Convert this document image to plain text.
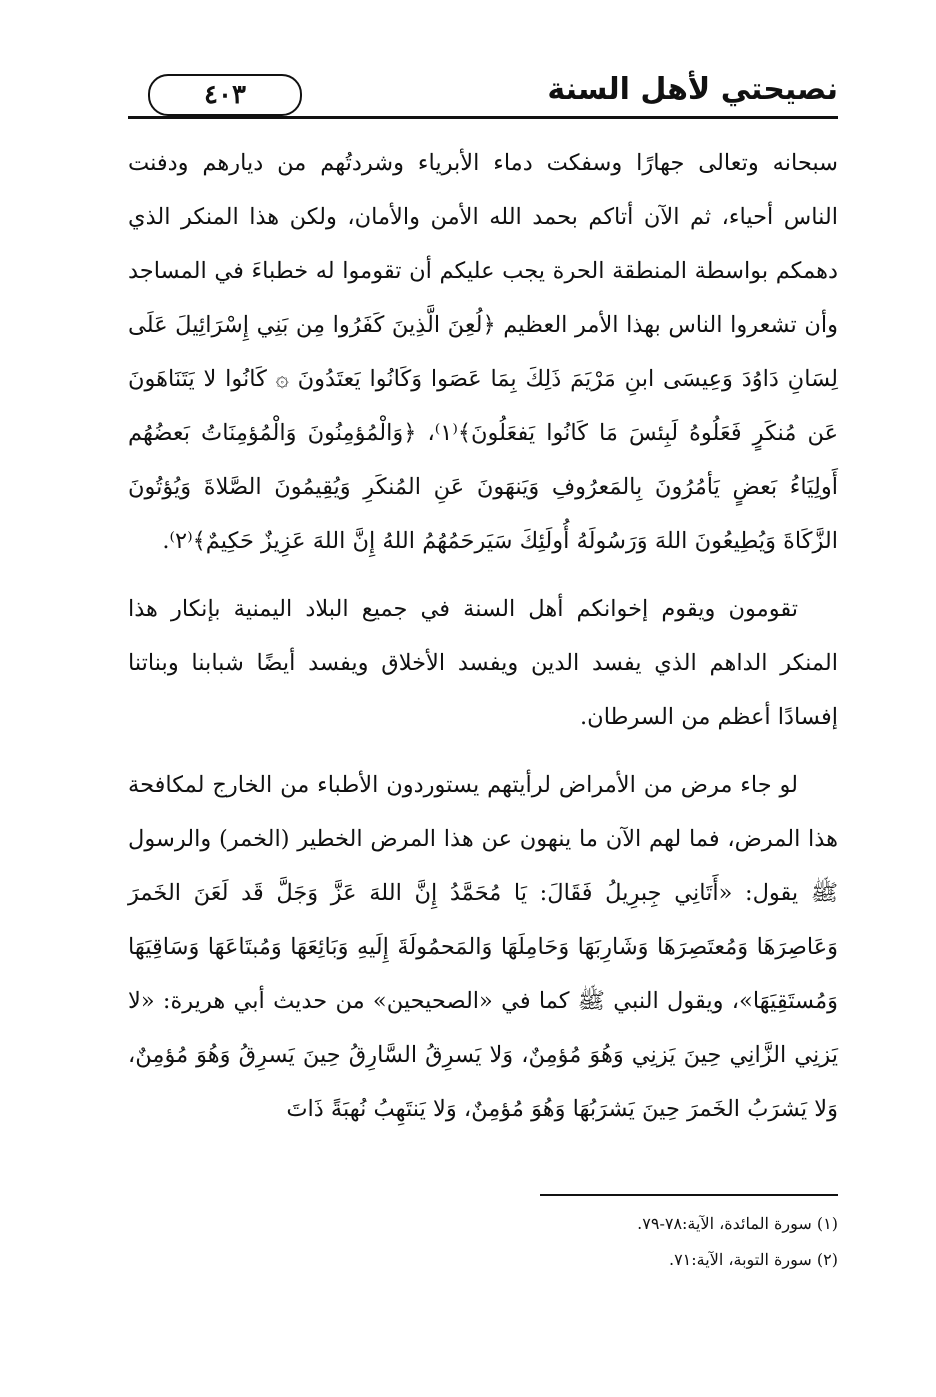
نصيحتي لأهل السنة
٤٠٣

سبحانه وتعالى جهارًا وسفكت دماء الأبرياء وشردتُهم من ديارهم ودفنت الناس أحياء، ثم الآن أتاكم بحمد الله الأمن والأمان، ولكن هذا المنكر الذي دهمكم بواسطة المنطقة الحرة يجب عليكم أن تقوموا له خطباءَ في المساجد وأن تشعروا الناس بهذا الأمر العظيم ﴿لُعِنَ الَّذِينَ كَفَرُوا مِن بَنِي إِسْرَائِيلَ عَلَى لِسَانِ دَاوُدَ وَعِيسَى ابنِ مَرْيَمَ ذَلِكَ بِمَا عَصَوا وَكَانُوا يَعتَدُونَ ۞ كَانُوا لا يَتَنَاهَونَ عَن مُنكَرٍ فَعَلُوهُ لَبِئسَ مَا كَانُوا يَفعَلُونَ﴾⁽١⁾، ﴿وَالْمُؤمِنُونَ وَالْمُؤمِنَاتُ بَعضُهُم أَولِيَاءُ بَعضٍ يَأمُرُونَ بِالمَعرُوفِ وَيَنهَونَ عَنِ المُنكَرِ وَيُقِيمُونَ الصَّلاةَ وَيُؤتُونَ الزَّكَاةَ وَيُطِيعُونَ اللهَ وَرَسُولَهُ أُولَئِكَ سَيَرحَمُهُمُ اللهُ إِنَّ اللهَ عَزِيزٌ حَكِيمٌ﴾⁽٢⁾.

تقومون ويقوم إخوانكم أهل السنة في جميع البلاد اليمنية بإنكار هذا المنكر الداهم الذي يفسد الدين ويفسد الأخلاق ويفسد أيضًا شبابنا وبناتنا إفسادًا أعظم من السرطان.

لو جاء مرض من الأمراض لرأيتهم يستوردون الأطباء من الخارج لمكافحة هذا المرض، فما لهم الآن ما ينهون عن هذا المرض الخطير (الخمر) والرسول ﷺ يقول: «أَتَانِي جِبرِيلُ فَقَالَ: يَا مُحَمَّدُ إِنَّ اللهَ عَزَّ وَجَلَّ قَد لَعَنَ الخَمرَ وَعَاصِرَهَا وَمُعتَصِرَهَا وَشَارِبَهَا وَحَامِلَهَا وَالمَحمُولَةَ إِلَيهِ وَبَائِعَهَا وَمُبتَاعَهَا وَسَاقِيَهَا وَمُستَقِيَهَا»، ويقول النبي ﷺ كما في «الصحيحين» من حديث أبي هريرة: «لا يَزنِي الزَّانِي حِينَ يَزنِي وَهُوَ مُؤمِنٌ، وَلا يَسرِقُ السَّارِقُ حِينَ يَسرِقُ وَهُوَ مُؤمِنٌ، وَلا يَشرَبُ الخَمرَ حِينَ يَشرَبُهَا وَهُوَ مُؤمِنٌ، وَلا يَنتَهِبُ نُهبَةً ذَاتَ

(١) سورة المائدة، الآية:٧٨-٧٩.
(٢) سورة التوبة، الآية:٧١.
